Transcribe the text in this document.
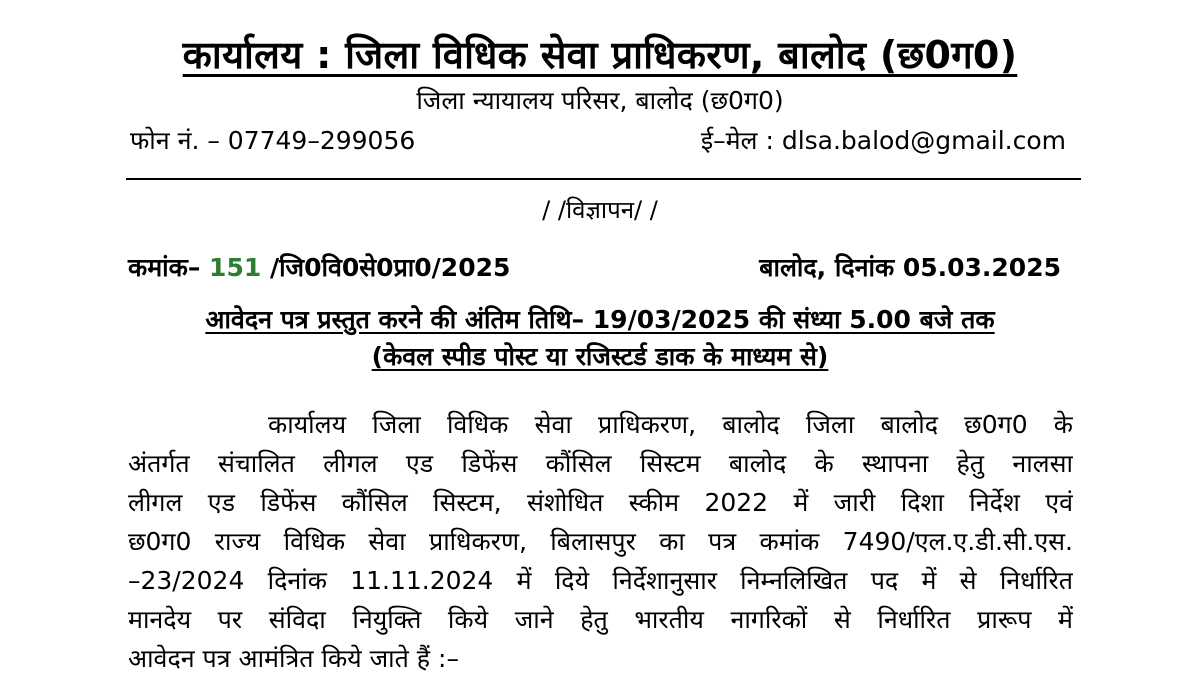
कार्यालय : जिला विधिक सेवा प्राधिकरण, बालोद (छ0ग0)
जिला न्यायालय परिसर, बालोद (छ0ग0)
फोन नं. – 07749–299056	ई–मेल : dlsa.balod@gmail.com
/ /विज्ञापन/ /
कमांक– 151 /जि0वि0से0प्रा0/2025	बालोद, दिनांक 05.03.2025
आवेदन पत्र प्रस्तुत करने की अंतिम तिथि– 19/03/2025 की संध्या 5.00 बजे तक
(केवल स्पीड पोस्ट या रजिस्टर्ड डाक के माध्यम से)
कार्यालय जिला विधिक सेवा प्राधिकरण, बालोद जिला बालोद छ0ग0 के
अंतर्गत संचालित लीगल एड डिफेंस कौंसिल सिस्टम बालोद के स्थापना हेतु नालसा
लीगल एड डिफेंस कौंसिल सिस्टम, संशोधित स्कीम 2022 में जारी दिशा निर्देश एवं
छ0ग0 राज्य विधिक सेवा प्राधिकरण, बिलासपुर का पत्र कमांक 7490/एल.ए.डी.सी.एस.
–23/2024 दिनांक 11.11.2024 में दिये निर्देशानुसार निम्नलिखित पद में से निर्धारित
मानदेय पर संविदा नियुक्ति किये जाने हेतु भारतीय नागरिकों से निर्धारित प्रारूप में
आवेदन पत्र आमंत्रित किये जाते हैं :–
